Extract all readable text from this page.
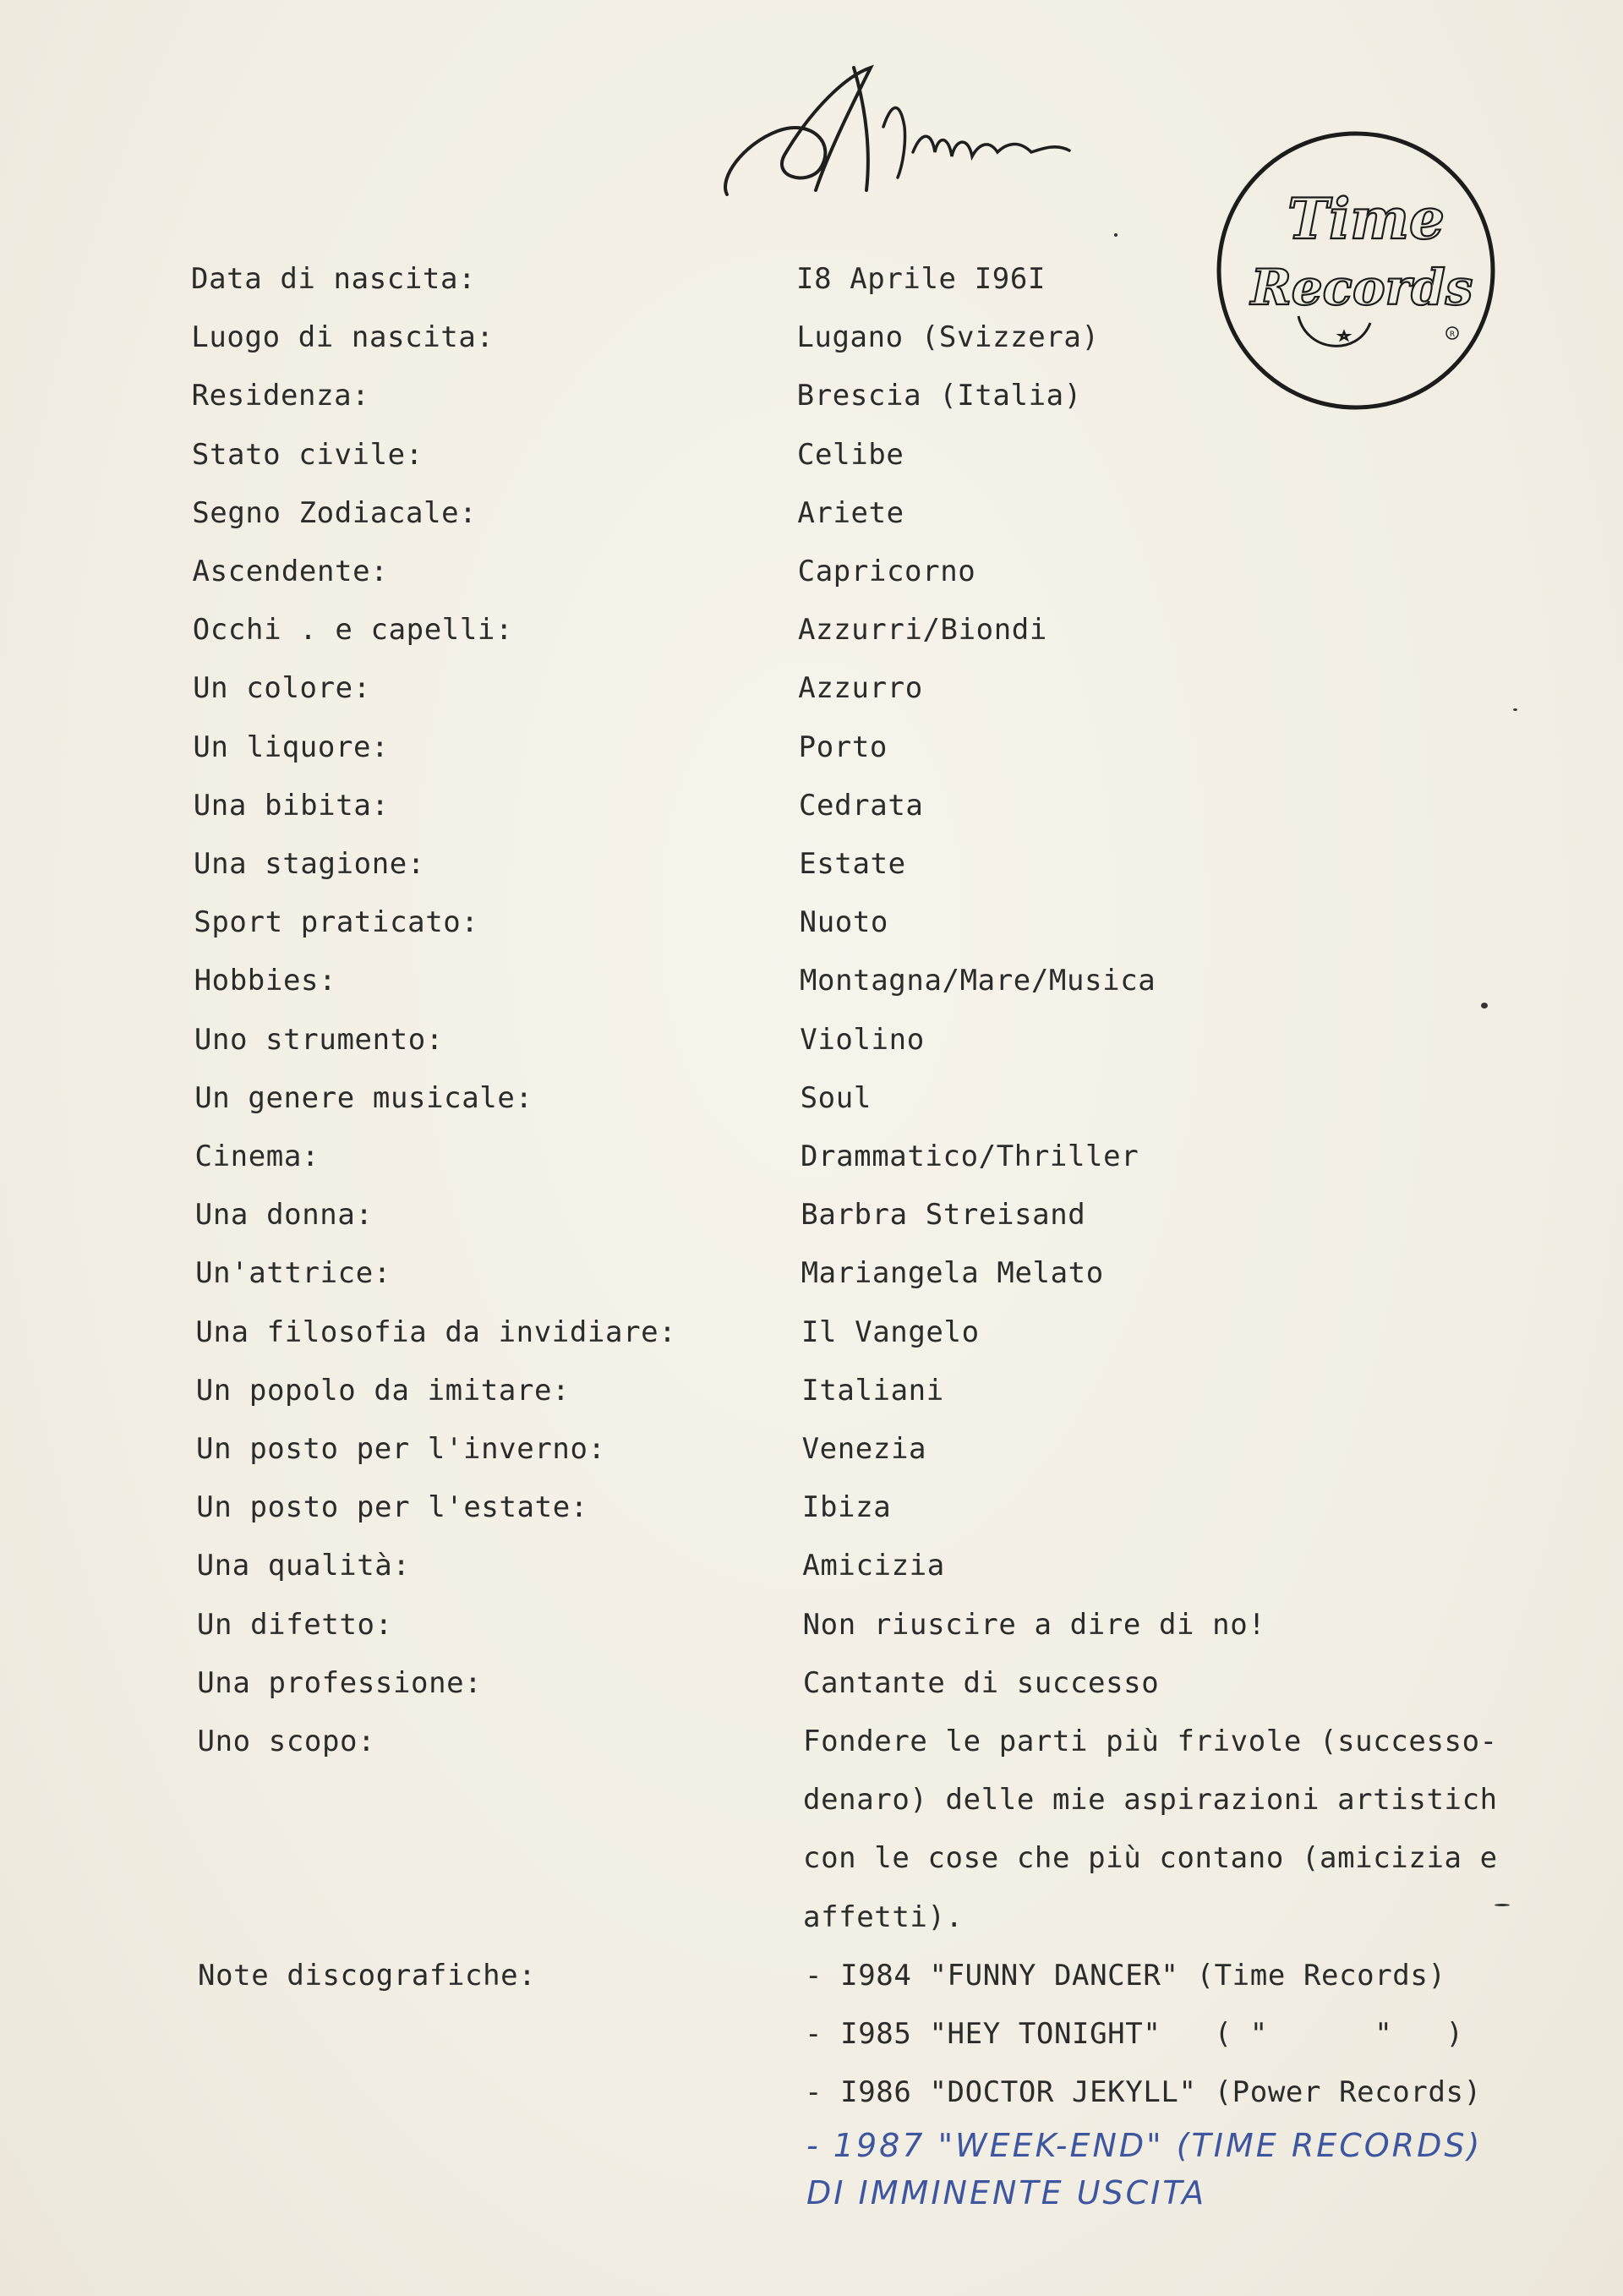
Time
Records
R
Data di nascita:	I8 Aprile I96I
Luogo di nascita:	Lugano (Svizzera)
Residenza:	Brescia (Italia)
Stato civile:	Celibe
Segno Zodiacale:	Ariete
Ascendente:	Capricorno
Occhi . e capelli:	Azzurri/Biondi
Un colore:	Azzurro
Un liquore:	Porto
Una bibita:	Cedrata
Una stagione:	Estate
Sport praticato:	Nuoto
Hobbies:	Montagna/Mare/Musica
Uno strumento:	Violino
Un genere musicale:	Soul
Cinema:	Drammatico/Thriller
Una donna:	Barbra Streisand
Un'attrice:	Mariangela Melato
Una filosofia da invidiare:	Il Vangelo
Un popolo da imitare:	Italiani
Un posto per l'inverno:	Venezia
Un posto per l'estate:	Ibiza
Una qualità:	Amicizia
Un difetto:	Non riuscire a dire di no!
Una professione:	Cantante di successo
Uno scopo:	Fondere le parti più frivole (successo-
denaro) delle mie aspirazioni artistich
con le cose che più contano (amicizia e
affetti).
Note discografiche:	- I984 "FUNNY DANCER" (Time Records)
- I985 "HEY TONIGHT"   ( "      "   )
- I986 "DOCTOR JEKYLL" (Power Records)
- 1987 "WEEK-END" (TIME RECORDS)
DI IMMINENTE USCITA
